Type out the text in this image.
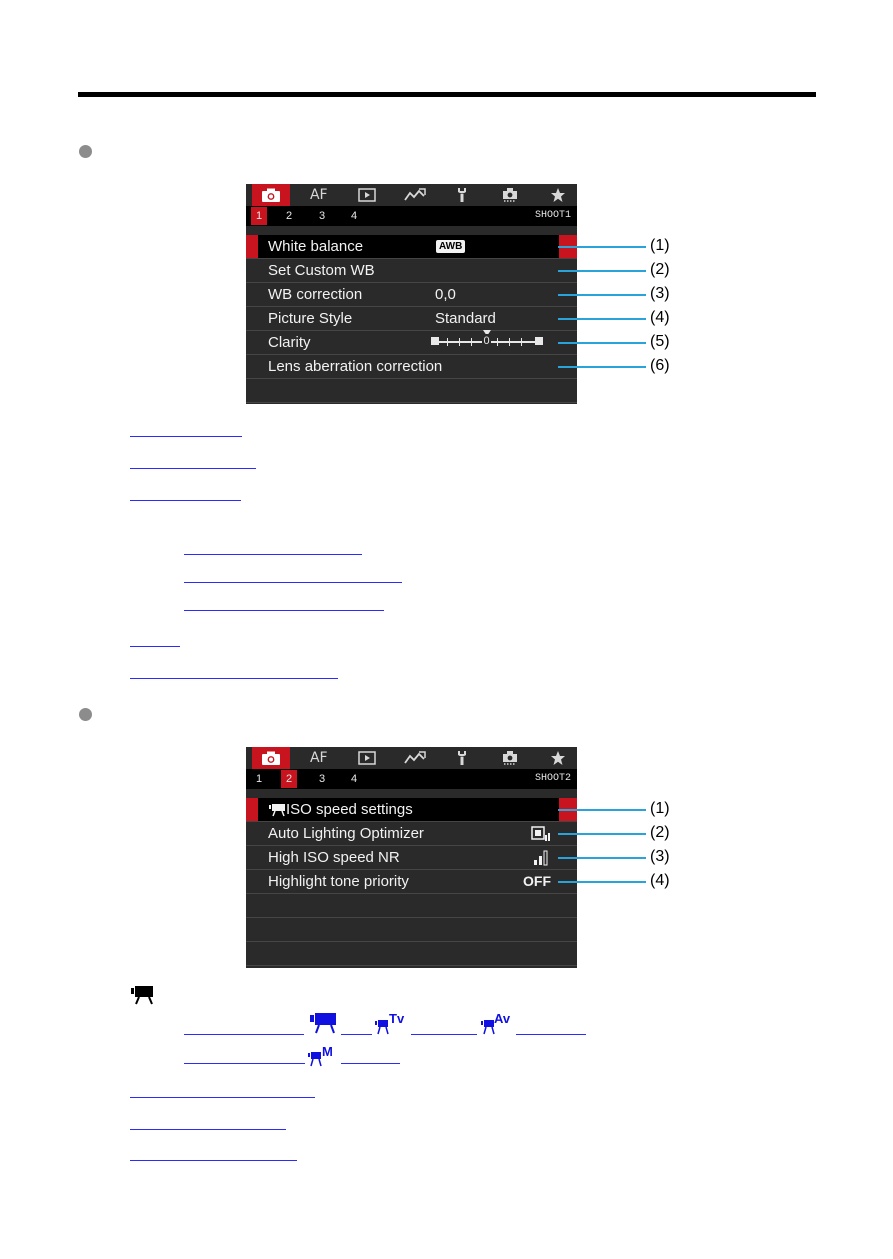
AF
1	2	3	4	SHOOT1
White balance	AWB
Set Custom WB
WB correction	0,0
Picture Style	Standard
Clarity	0
Lens aberration correction
(1)
(2)
(3)
(4)
(5)
(6)
AF
1	2	3	4	SHOOT2
ISO speed settings
Auto Lighting Optimizer
High ISO speed NR
Highlight tone priority	OFF
(1)
(2)
(3)
(4)
Tv	Av
M
